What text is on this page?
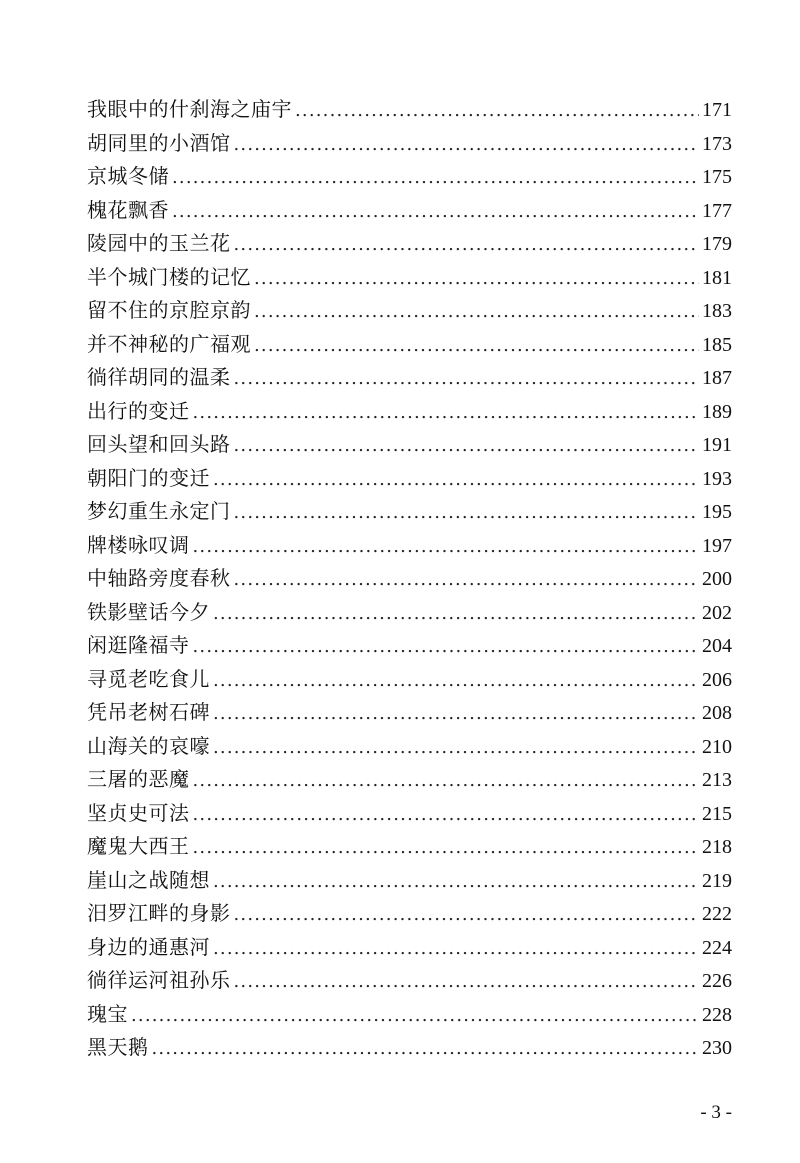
我眼中的什刹海之庙宇 .....	171
胡同里的小酒馆 .....	173
京城冬储 .....	175
槐花飘香 .....	177
陵园中的玉兰花 .....	179
半个城门楼的记忆 .....	181
留不住的京腔京韵 .....	183
并不神秘的广福观 .....	185
徜徉胡同的温柔 .....	187
出行的变迁 .....	189
回头望和回头路 .....	191
朝阳门的变迁 .....	193
梦幻重生永定门 .....	195
牌楼咏叹调 .....	197
中轴路旁度春秋 .....	200
铁影壁话今夕 .....	202
闲逛隆福寺 .....	204
寻觅老吃食儿 .....	206
凭吊老树石碑 .....	208
山海关的哀嚎 .....	210
三屠的恶魔 .....	213
坚贞史可法 .....	215
魔鬼大西王 .....	218
崖山之战随想 .....	219
汨罗江畔的身影 .....	222
身边的通惠河 .....	224
徜徉运河祖孙乐 .....	226
瑰宝 .....	228
黑天鹅 .....	230
- 3 -
